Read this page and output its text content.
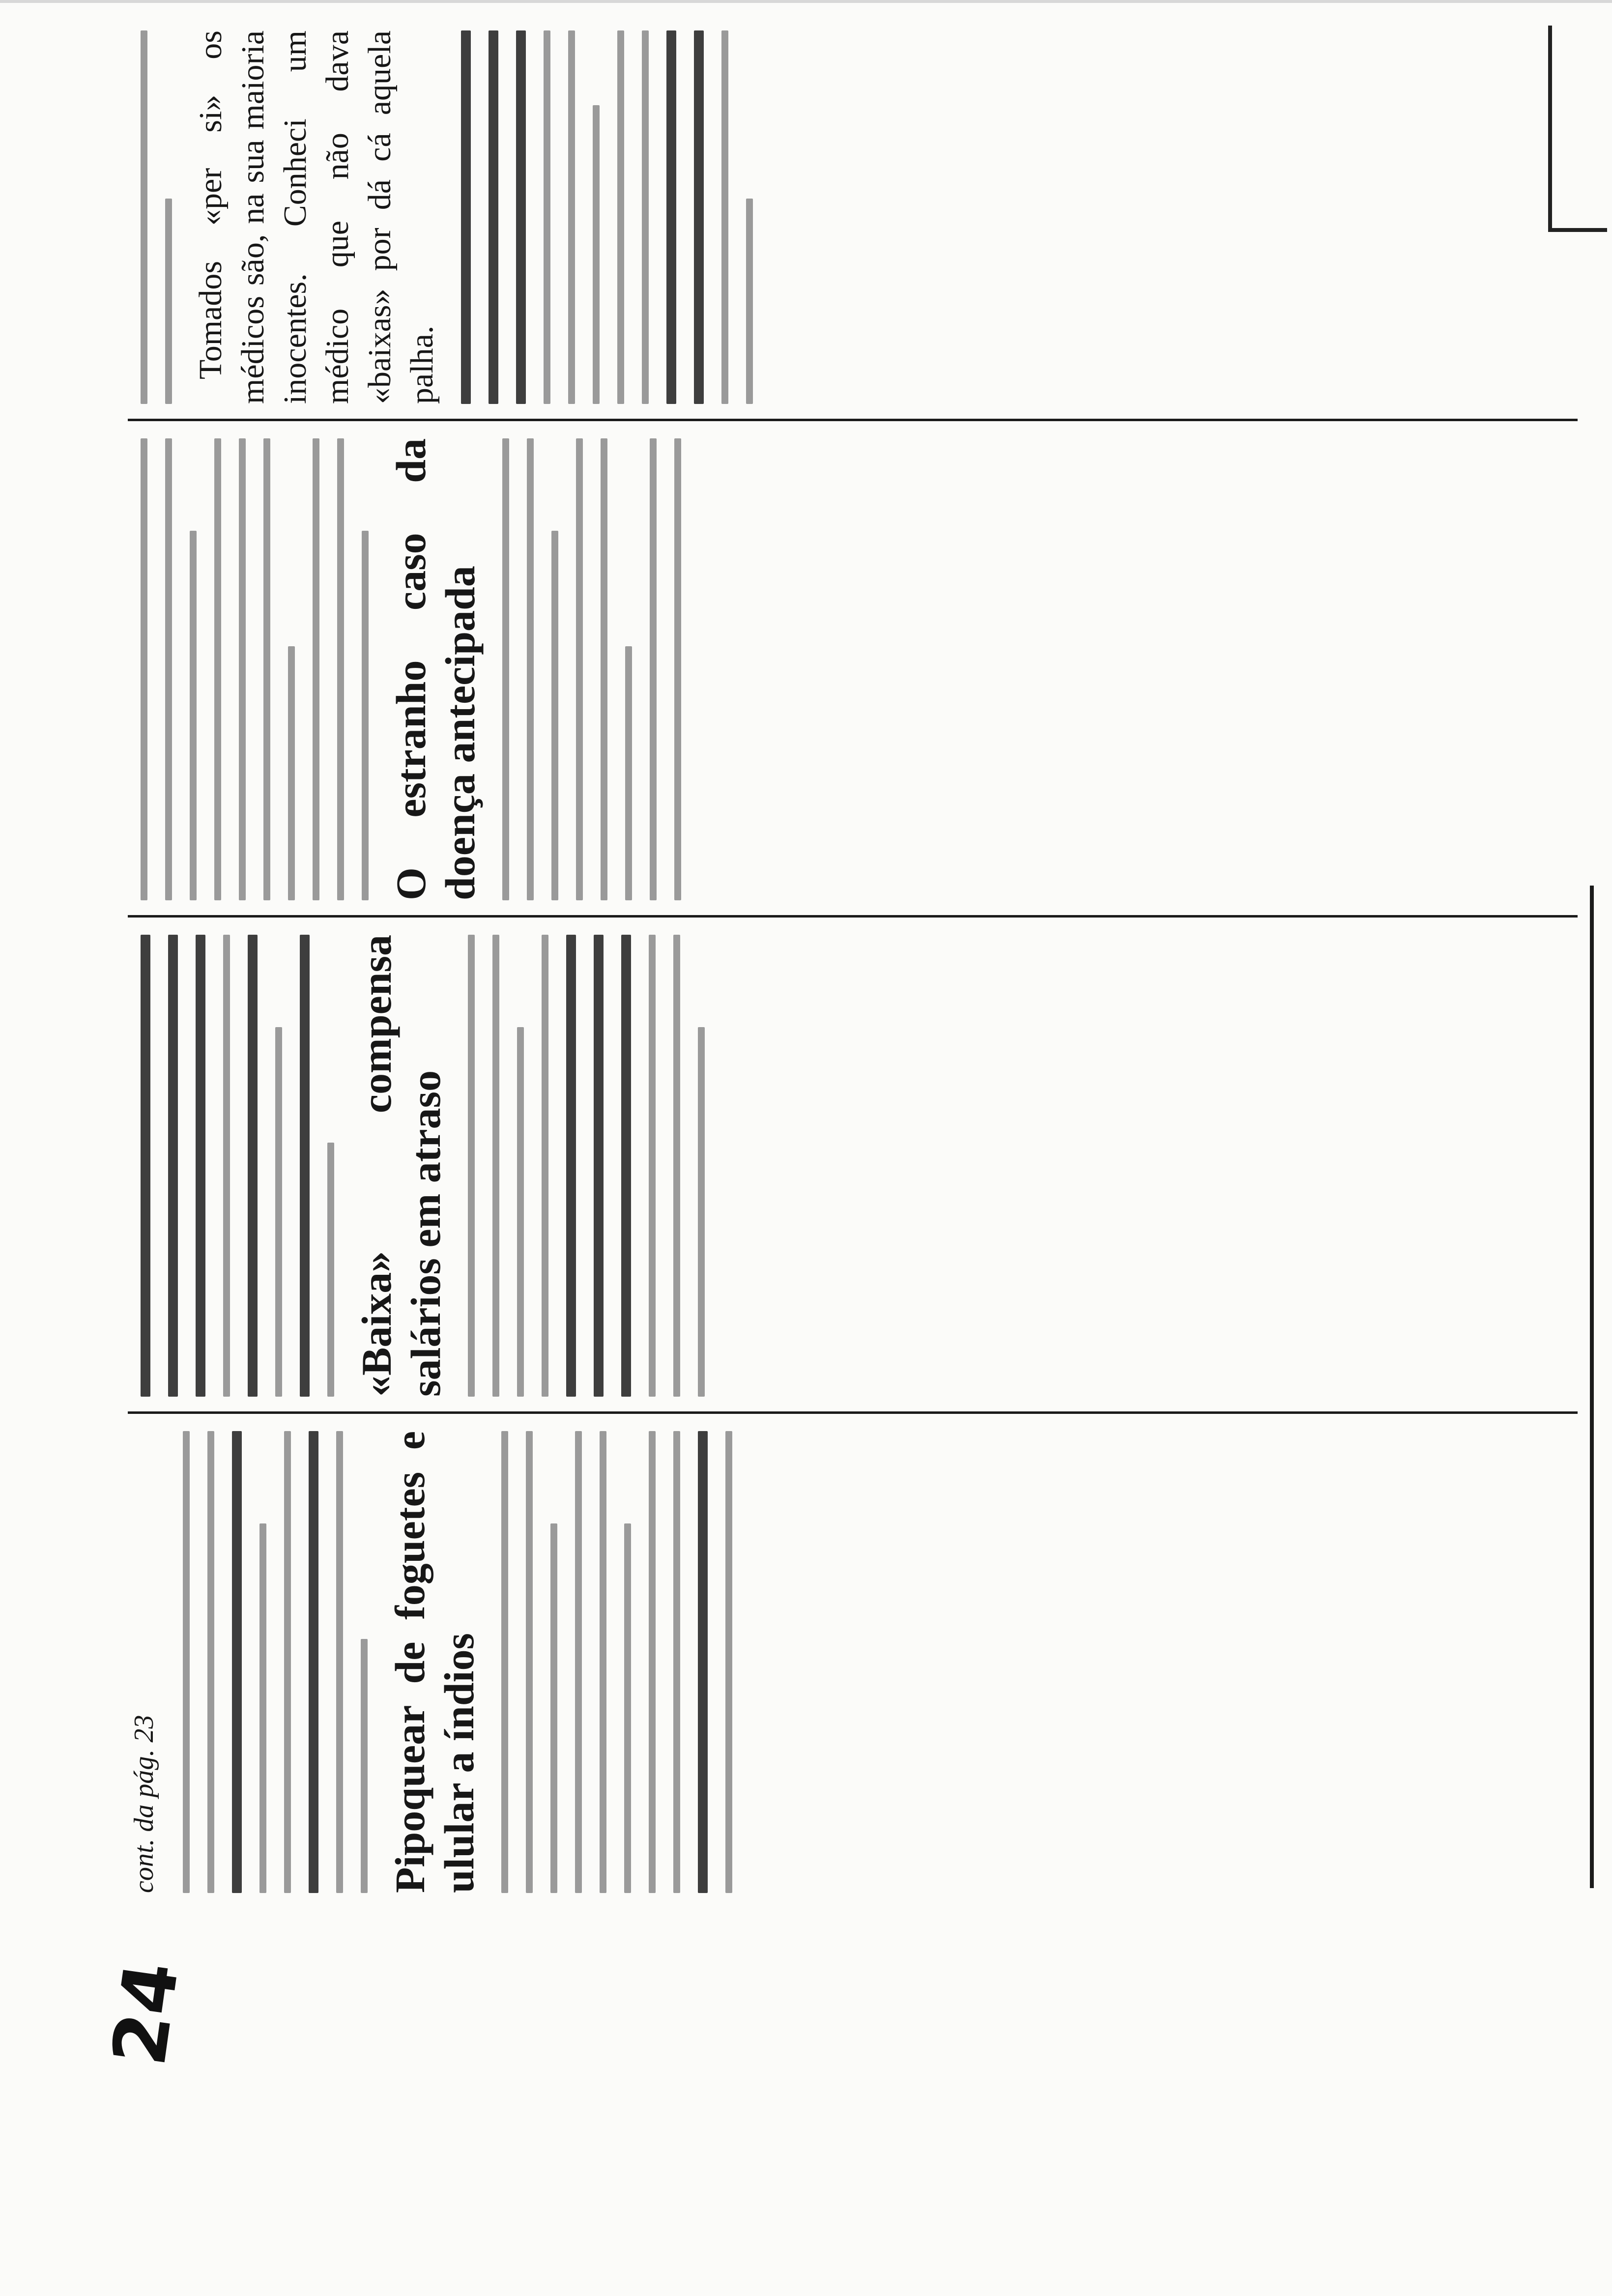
24
cont. da pág. 23	Pipoquear de foguetes e ulular a índios
«Baixa» compensa salários em atraso
O estranho caso da doença antecipada

Tomados «per si» os médicos são, na sua maioria inocentes. Conheci um médico que não dava «baixas» por dá cá aquela palha.
